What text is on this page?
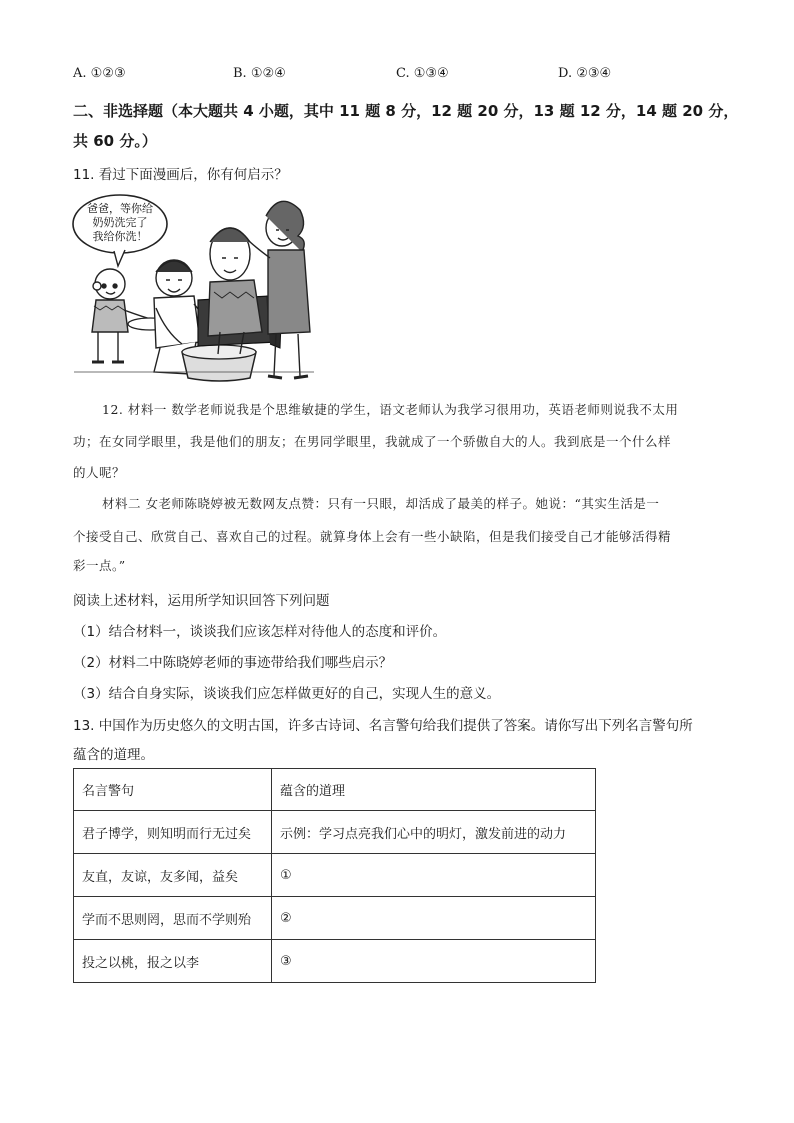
A. ①②③	B. ①②④	C. ①③④	D. ②③④
二、非选择题（本大题共 4 小题，其中 11 题 8 分，12 题 20 分，13 题 12 分，14 题 20 分，
共 60 分。）
11. 看过下面漫画后，你有何启示？
爸爸，等你给
奶奶洗完了
我给你洗！
12. 材料一 数学老师说我是个思维敏捷的学生，语文老师认为我学习很用功，英语老师则说我不太用
功；在女同学眼里，我是他们的朋友；在男同学眼里，我就成了一个骄傲自大的人。我到底是一个什么样
的人呢？
材料二 女老师陈晓婷被无数网友点赞：只有一只眼，却活成了最美的样子。她说：“其实生活是一
个接受自己、欣赏自己、喜欢自己的过程。就算身体上会有一些小缺陷，但是我们接受自己才能够活得精
彩一点。”
阅读上述材料，运用所学知识回答下列问题
（1）结合材料一，谈谈我们应该怎样对待他人的态度和评价。
（2）材料二中陈晓婷老师的事迹带给我们哪些启示？
（3）结合自身实际，谈谈我们应怎样做更好的自己，实现人生的意义。
13. 中国作为历史悠久的文明古国，许多古诗词、名言警句给我们提供了答案。请你写出下列名言警句所
蕴含的道理。
名言警句	蕴含的道理
君子博学，则知明而行无过矣	示例：学习点亮我们心中的明灯，激发前进的动力
友直，友谅，友多闻，益矣	①
学而不思则罔，思而不学则殆	②
投之以桃，报之以李	③
